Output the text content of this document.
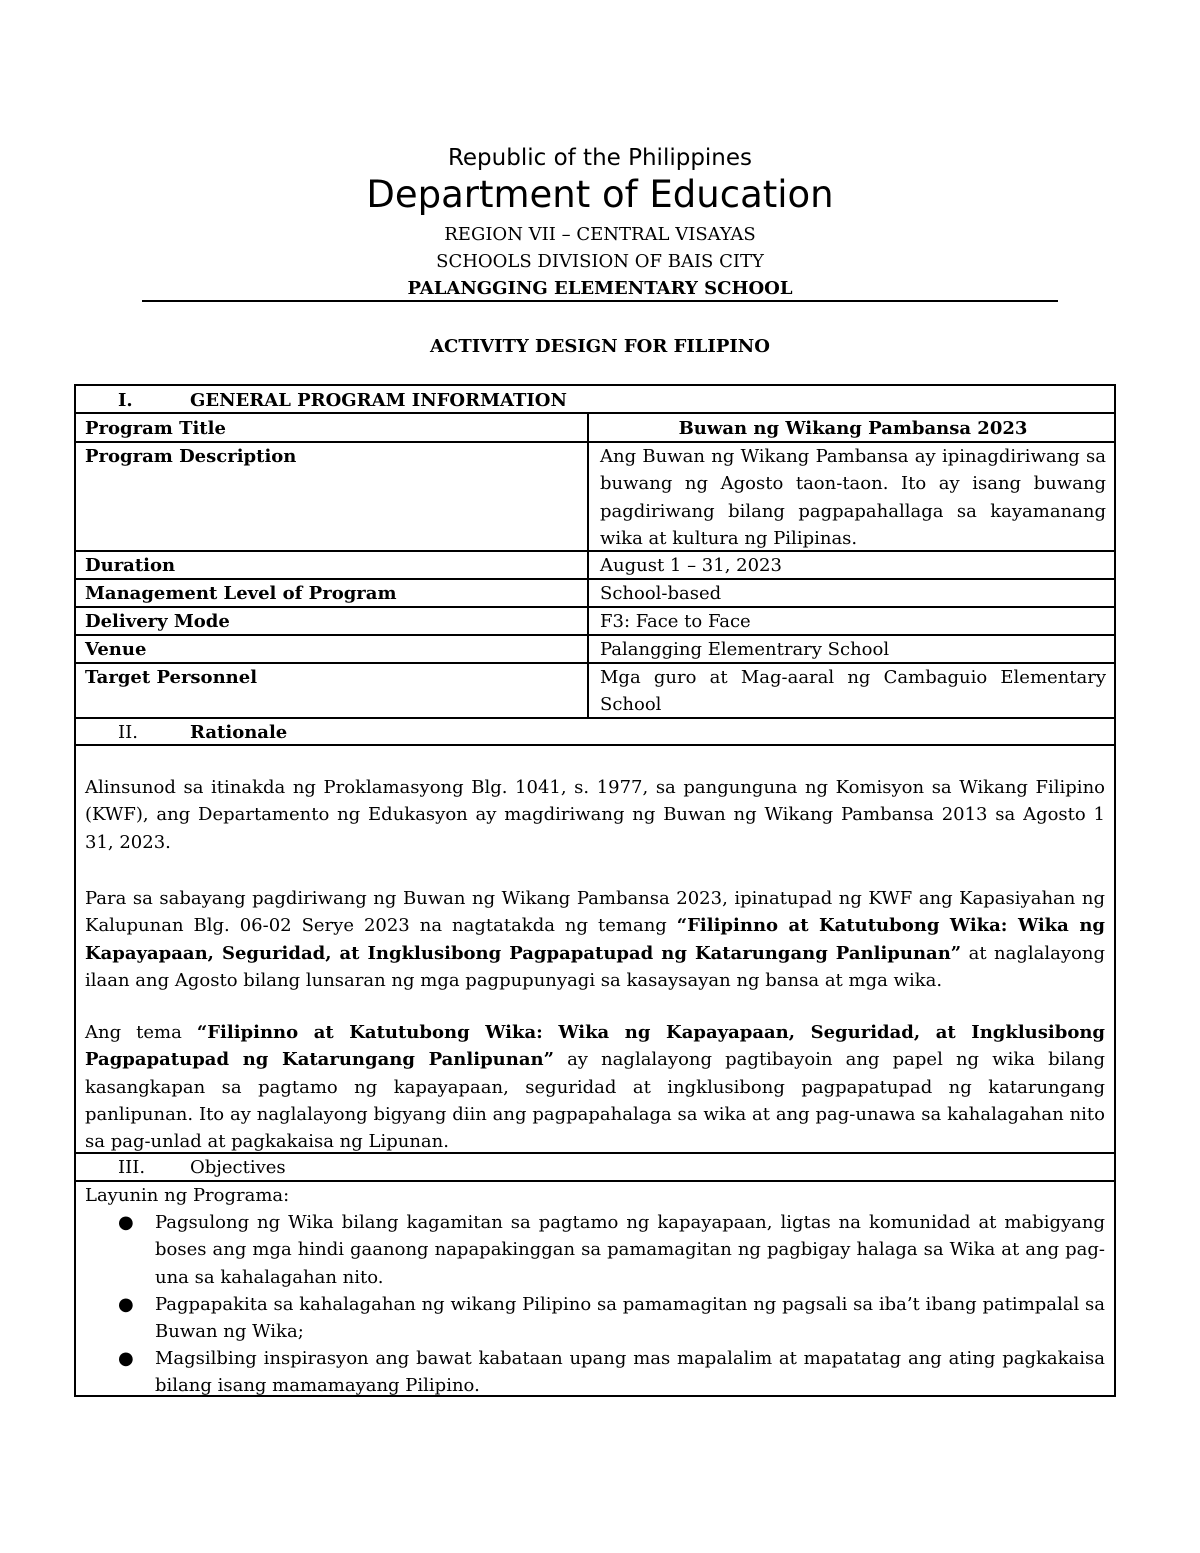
Republic of the Philippines
Department of Education
REGION VII – CENTRAL VISAYAS
SCHOOLS DIVISION OF BAIS CITY
PALANGGING ELEMENTARY SCHOOL
ACTIVITY DESIGN FOR FILIPINO
I.	GENERAL PROGRAM INFORMATION
Program Title	Buwan ng Wikang Pambansa 2023
Program Description	Ang Buwan ng Wikang Pambansa ay ipinagdiriwang sa buwang ng Agosto taon-taon. Ito ay isang buwang pagdiriwang bilang pagpapahallaga sa kayamanang wika at kultura ng Pilipinas.
Duration	August 1 – 31, 2023
Management Level of Program	School-based
Delivery Mode	F3: Face to Face
Venue	Palangging Elementrary School
Target Personnel	Mga guro at Mag-aaral ng Cambaguio Elementary School
II.	Rationale
Alinsunod sa itinakda ng Proklamasyong Blg. 1041, s. 1977, sa pangunguna ng Komisyon sa Wikang Filipino (KWF), ang Departamento ng Edukasyon ay magdiriwang ng Buwan ng Wikang Pambansa 2013 sa Agosto 1 31, 2023.
Para sa sabayang pagdiriwang ng Buwan ng Wikang Pambansa 2023, ipinatupad ng KWF ang Kapasiyahan ng Kalupunan Blg. 06-02 Serye 2023 na nagtatakda ng temang “Filipinno at Katutubong Wika: Wika ng Kapayapaan, Seguridad, at Ingklusibong Pagpapatupad ng Katarungang Panlipunan” at naglalayong ilaan ang Agosto bilang lunsaran ng mga pagpupunyagi sa kasaysayan ng bansa at mga wika.
Ang tema “Filipinno at Katutubong Wika: Wika ng Kapayapaan, Seguridad, at Ingklusibong Pagpapatupad ng Katarungang Panlipunan” ay naglalayong pagtibayoin ang papel ng wika bilang kasangkapan sa pagtamo ng kapayapaan, seguridad at ingklusibong pagpapatupad ng katarungang panlipunan. Ito ay naglalayong bigyang diin ang pagpapahalaga sa wika at ang pag-unawa sa kahalagahan nito sa pag-unlad at pagkakaisa ng Lipunan.
III. Objectives
Layunin ng Programa:
● Pagsulong ng Wika bilang kagamitan sa pagtamo ng kapayapaan, ligtas na komunidad at mabigyang boses ang mga hindi gaanong napapakinggan sa pamamagitan ng pagbigay halaga sa Wika at ang pag-una sa kahalagahan nito.
● Pagpapakita sa kahalagahan ng wikang Pilipino sa pamamagitan ng pagsali sa iba’t ibang patimpalal sa Buwan ng Wika;
● Magsilbing inspirasyon ang bawat kabataan upang mas mapalalim at mapatatag ang ating pagkakaisa bilang isang mamamayang Pilipino.
